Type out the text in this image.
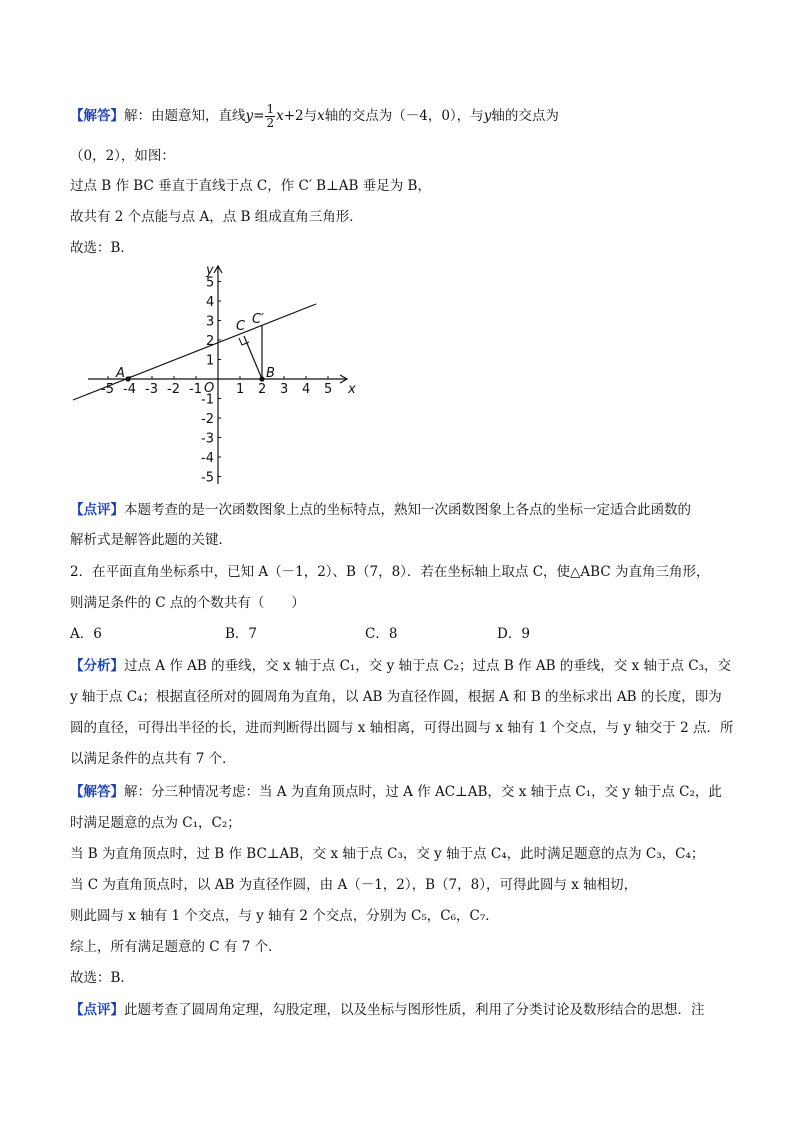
【解答】解：由题意知，直线$y= \frac{1}{2} x+2$与x轴的交点为（－4，0），与y轴的交点为
（0，2），如图：
过点 B 作 BC 垂直于直线于点 C，作 C′ B⊥AB 垂足为 B，
故共有 2 个点能与点 A，点 B 组成直角三角形．
故选：B．
-5 -4 -3 -2 -1	1 2 3 4 5
5
4
3
2
1
-1
-2
-3
-4
-5
y
x
O
A	B
C C′
【点评】本题考查的是一次函数图象上点的坐标特点，熟知一次函数图象上各点的坐标一定适合此函数的
解析式是解答此题的关键．
2．在平面直角坐标系中，已知 A（－1，2）、B（7，8）．若在坐标轴上取点 C，使△ABC 为直角三角形，
则满足条件的 C 点的个数共有（　　）
A．6	B．7	C．8	D．9
【分析】过点 A 作 AB 的垂线，交 x 轴于点 C₁，交 y 轴于点 C₂；过点 B 作 AB 的垂线，交 x 轴于点 C₃，交
y 轴于点 C₄；根据直径所对的圆周角为直角，以 AB 为直径作圆，根据 A 和 B 的坐标求出 AB 的长度，即为
圆的直径，可得出半径的长，进而判断得出圆与 x 轴相离，可得出圆与 x 轴有 1 个交点，与 y 轴交于 2 点．所
以满足条件的点共有 7 个．
【解答】解：分三种情况考虑：当 A 为直角顶点时，过 A 作 AC⊥AB，交 x 轴于点 C₁，交 y 轴于点 C₂，此
时满足题意的点为 C₁，C₂；
当 B 为直角顶点时，过 B 作 BC⊥AB，交 x 轴于点 C₃，交 y 轴于点 C₄，此时满足题意的点为 C₃，C₄；
当 C 为直角顶点时，以 AB 为直径作圆，由 A（－1，2），B（7，8），可得此圆与 x 轴相切，
则此圆与 x 轴有 1 个交点，与 y 轴有 2 个交点，分别为 C₅，C₆，C₇．
综上，所有满足题意的 C 有 7 个．
故选：B．
【点评】此题考查了圆周角定理，勾股定理，以及坐标与图形性质，利用了分类讨论及数形结合的思想．注
